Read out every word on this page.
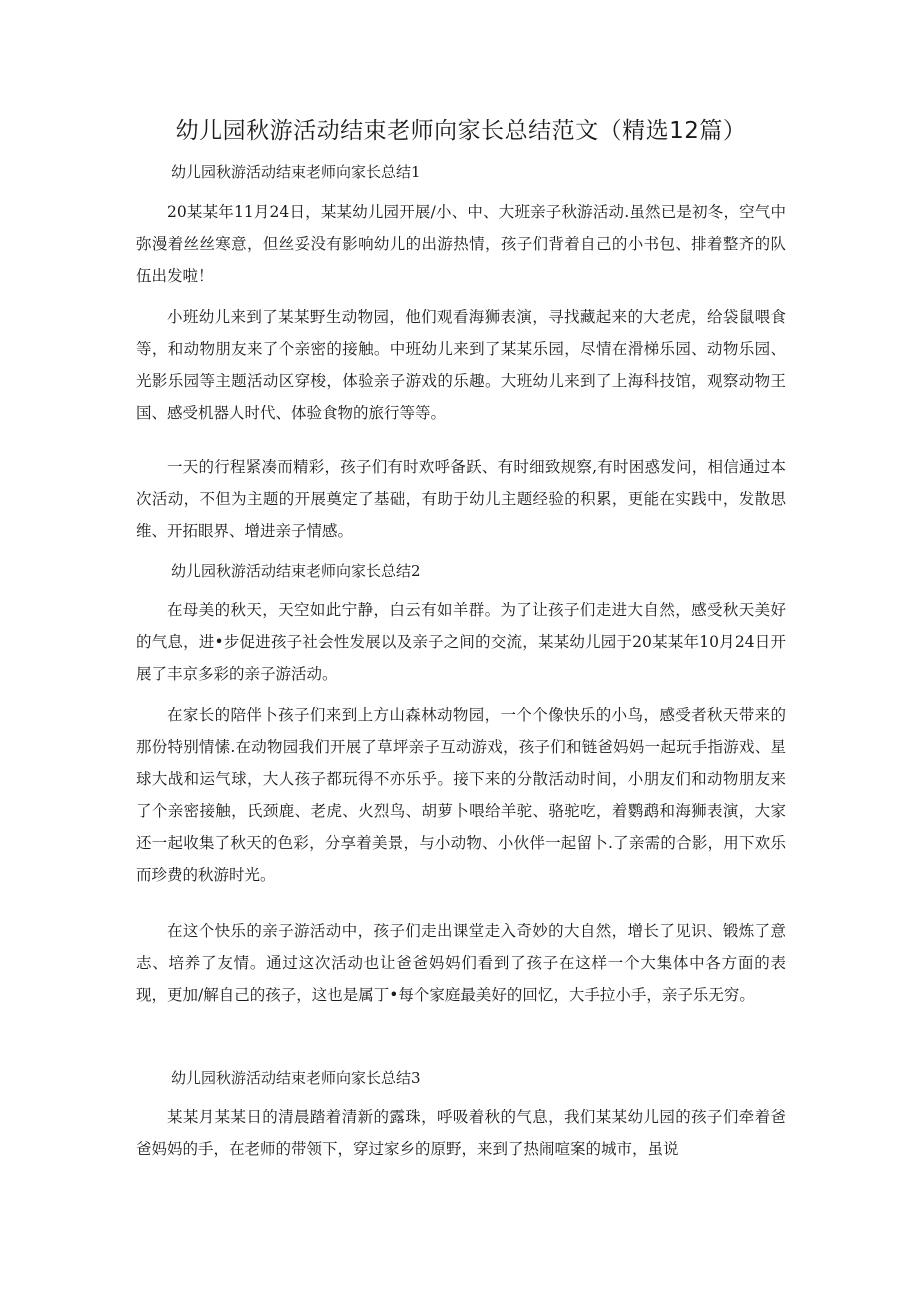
幼儿园秋游活动结束老师向家长总结范文（精选12篇）
幼儿园秋游活动结束老师向家长总结1

20某某年11月24日，某某幼儿园开展/小、中、大班亲子秋游活动.虽然已是初冬，空气中弥漫着丝丝寒意，但丝妥没有影响幼儿的出游热情，孩子们背着自己的小书包、排着整齐的队伍出发啦！

小班幼儿来到了某某野生动物园，他们观看海狮表演，寻找藏起来的大老虎，给袋鼠喂食等，和动物朋友来了个亲密的接触。中班幼儿来到了某某乐园，尽情在滑梯乐园、动物乐园、光影乐园等主题活动区穿梭，体验亲子游戏的乐趣。大班幼儿来到了上海科技馆，观察动物王国、感受机器人时代、体验食物的旅行等等。

一天的行程紧凑而精彩，孩子们有时欢呼备跃、有时细致规察,有时困惑发问，相信通过本次活动，不但为主题的开展奠定了基础，有助于幼儿主题经验的积累，更能在实践中，发散思维、开拓眼界、增进亲子情感。

幼儿园秋游活动结束老师向家长总结2

在母美的秋天，天空如此宁静，白云有如羊群。为了让孩子们走进大自然，感受秋天美好的气息，进•步促进孩子社会性发展以及亲子之间的交流，某某幼儿园于20某某年10月24日开展了丰京多彩的亲子游活动。

在家长的陪伴卜孩子们来到上方山森林动物园，一个个像快乐的小鸟，感受者秋天带来的那份特别情愫.在动物园我们开展了草坪亲子互动游戏，孩子们和链爸妈妈一起玩手指游戏、星球大战和运气球，大人孩子都玩得不亦乐乎。接下来的分散活动时间，小朋友们和动物朋友来了个亲密接触，氏颈鹿、老虎、火烈鸟、胡萝卜喂给羊驼、骆驼吃，着鹦鹉和海狮表演，大家还一起收集了秋天的色彩，分享着美景，与小动物、小伙伴一起留卜.了亲需的合影，用下欢乐而珍费的秋游时光。

在这个快乐的亲子游活动中，孩子们走出课堂走入奇妙的大自然，增长了见识、锻炼了意志、培养了友情。通过这次活动也让爸爸妈妈们看到了孩子在这样一个大集体中各方面的表现，更加/解自己的孩子，这也是属丁•每个家庭最美好的回忆，大手拉小手，亲子乐无穷。

幼儿园秋游活动结束老师向家长总结3

某某月某某日的清晨踏着清新的露珠，呼吸着秋的气息，我们某某幼儿园的孩子们牵着爸爸妈妈的手，在老师的带领下，穿过家乡的原野，来到了热闹喧案的城市，虽说
